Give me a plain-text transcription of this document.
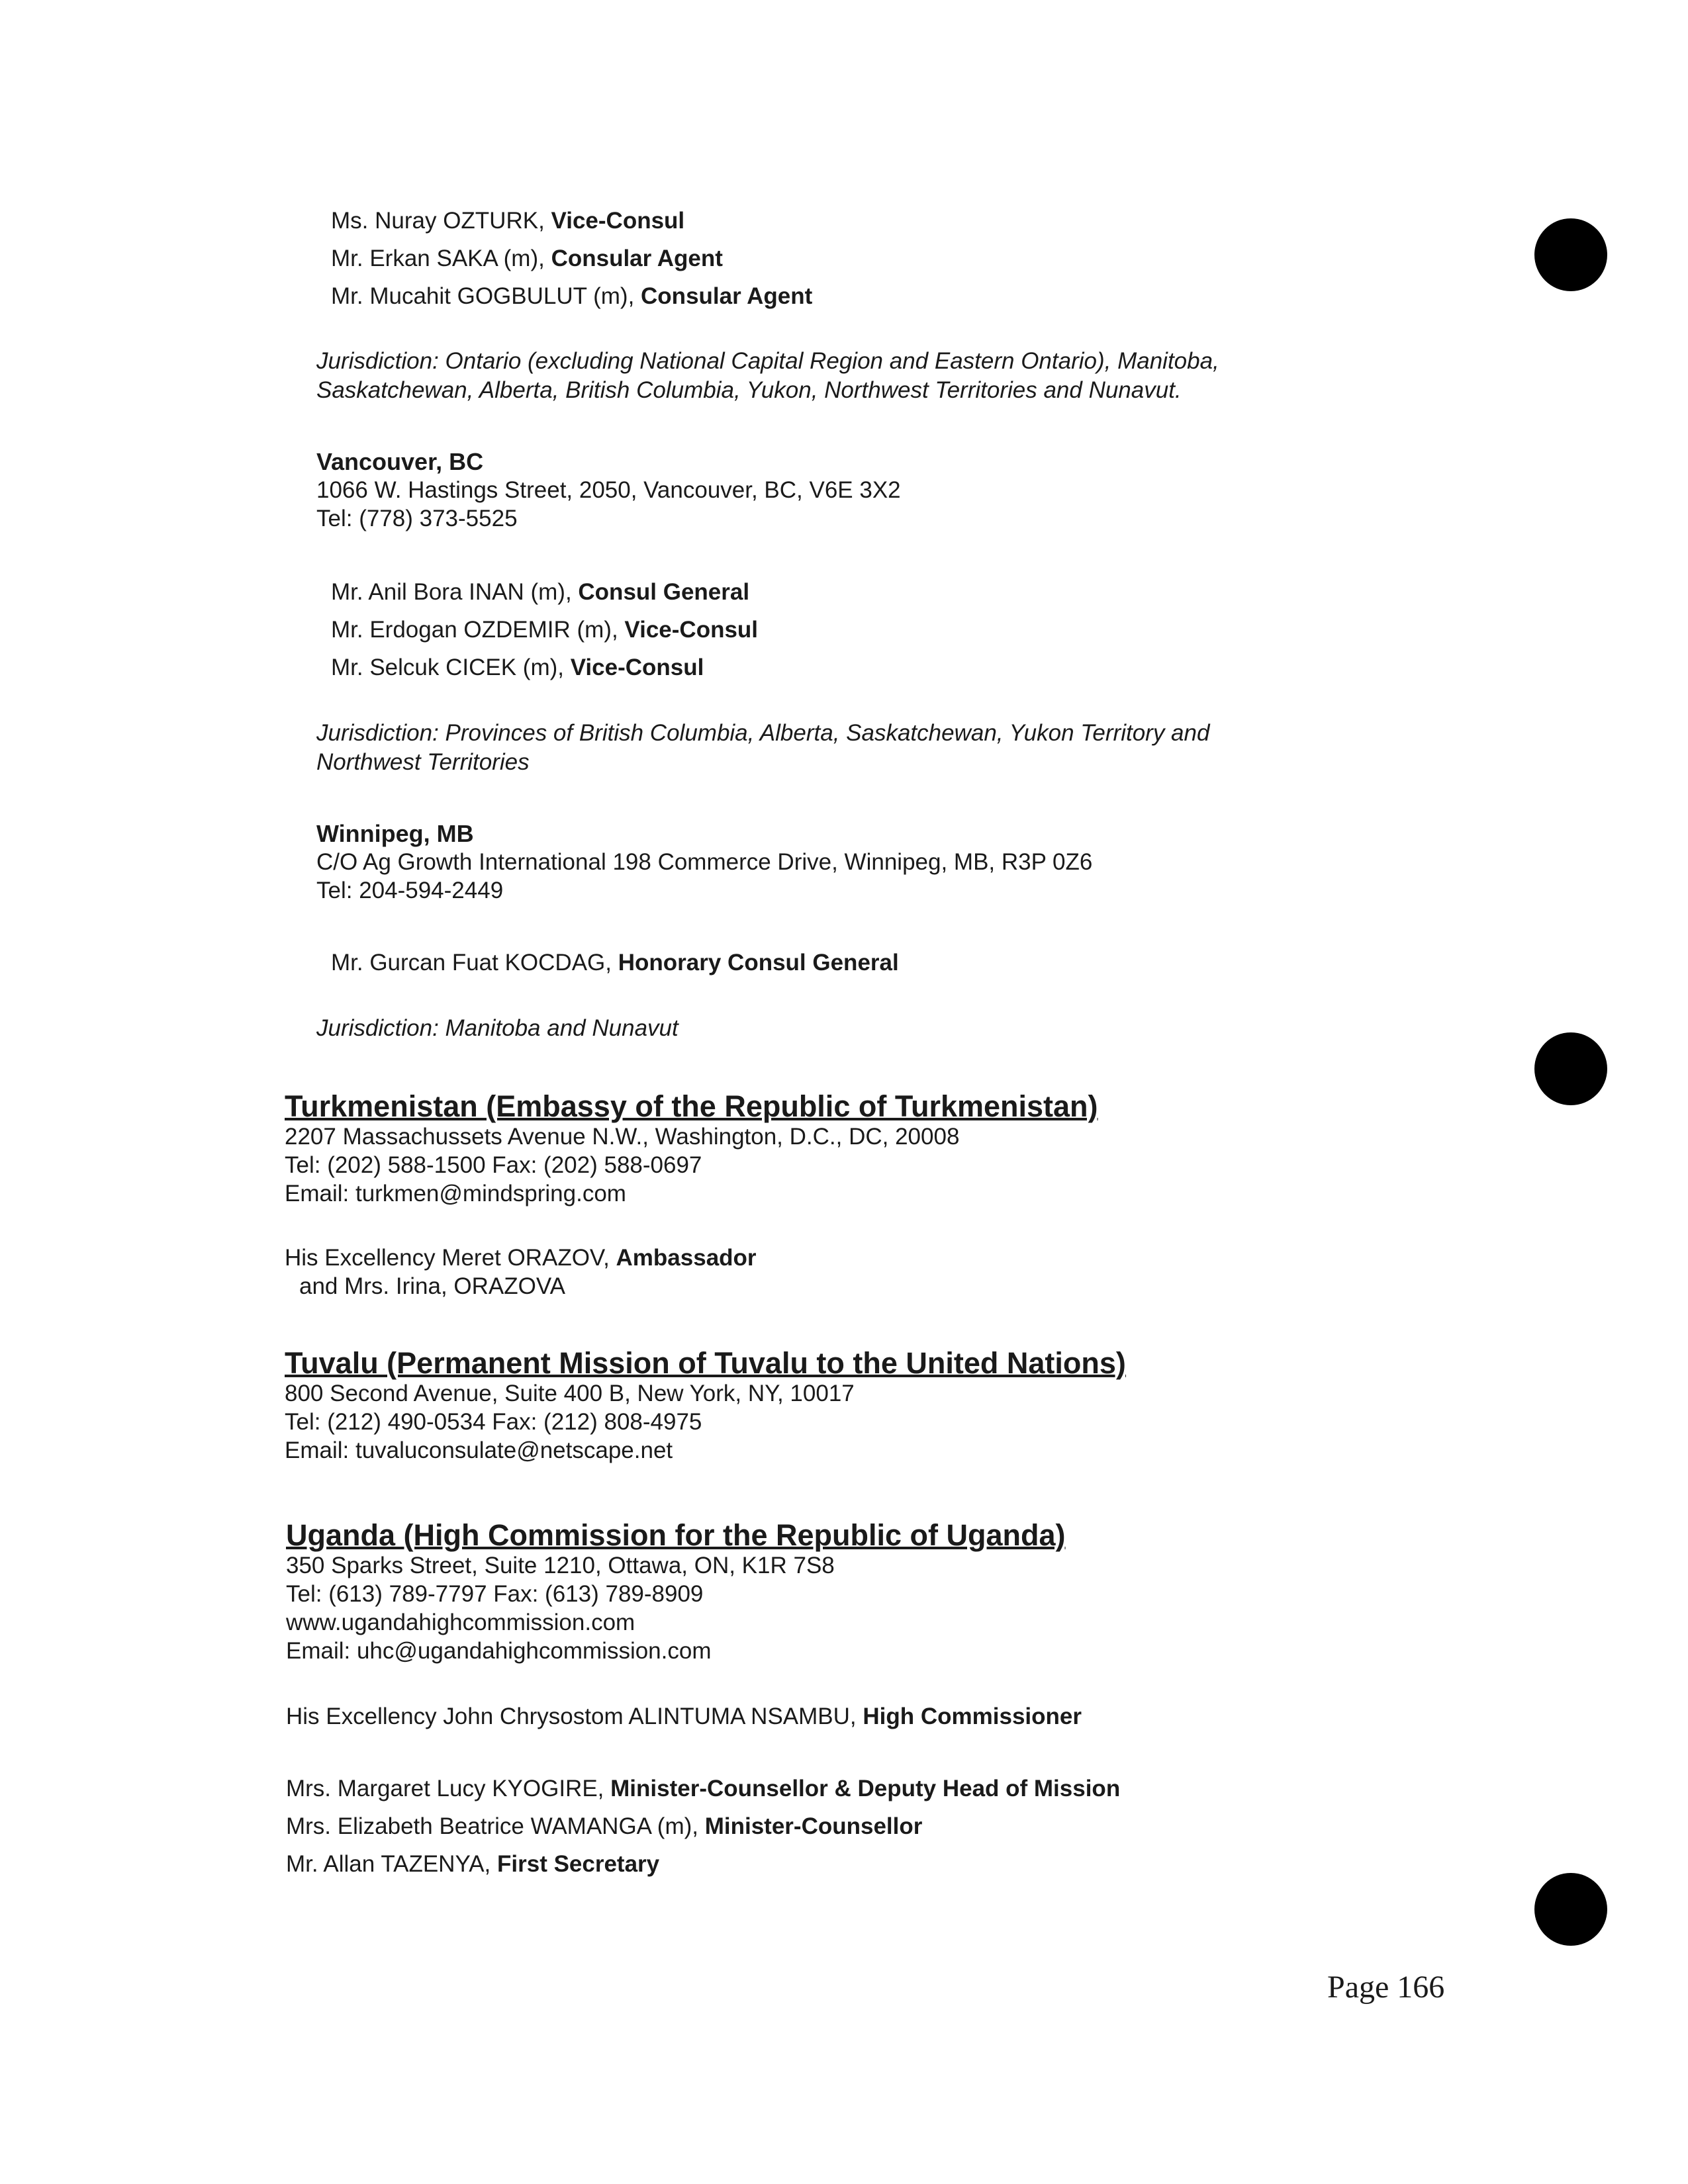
Ms. Nuray OZTURK, Vice-Consul
Mr. Erkan SAKA (m), Consular Agent
Mr. Mucahit GOGBULUT (m), Consular Agent
Jurisdiction: Ontario (excluding National Capital Region and Eastern Ontario), Manitoba, Saskatchewan, Alberta, British Columbia, Yukon, Northwest Territories and Nunavut.
Vancouver, BC
1066 W. Hastings Street, 2050, Vancouver, BC, V6E 3X2
Tel: (778) 373-5525
Mr. Anil Bora INAN (m), Consul General
Mr. Erdogan OZDEMIR (m), Vice-Consul
Mr. Selcuk CICEK (m), Vice-Consul
Jurisdiction: Provinces of British Columbia, Alberta, Saskatchewan, Yukon Territory and Northwest Territories
Winnipeg, MB
C/O Ag Growth International 198 Commerce Drive, Winnipeg, MB, R3P 0Z6
Tel: 204-594-2449
Mr. Gurcan Fuat KOCDAG, Honorary Consul General
Jurisdiction: Manitoba and Nunavut
Turkmenistan (Embassy of the Republic of Turkmenistan)
2207 Massachussets Avenue N.W., Washington, D.C., DC, 20008
Tel: (202) 588-1500 Fax: (202) 588-0697
Email: turkmen@mindspring.com
His Excellency Meret ORAZOV, Ambassador
and Mrs. Irina, ORAZOVA
Tuvalu (Permanent Mission of Tuvalu to the United Nations)
800 Second Avenue, Suite 400 B, New York, NY, 10017
Tel: (212) 490-0534 Fax: (212) 808-4975
Email: tuvaluconsulate@netscape.net
Uganda (High Commission for the Republic of Uganda)
350 Sparks Street, Suite 1210, Ottawa, ON, K1R 7S8
Tel: (613) 789-7797 Fax: (613) 789-8909
www.ugandahighcommission.com
Email: uhc@ugandahighcommission.com
His Excellency John Chrysostom ALINTUMA NSAMBU, High Commissioner
Mrs. Margaret Lucy KYOGIRE, Minister-Counsellor & Deputy Head of Mission
Mrs. Elizabeth Beatrice WAMANGA (m), Minister-Counsellor
Mr. Allan TAZENYA, First Secretary
Page 166
